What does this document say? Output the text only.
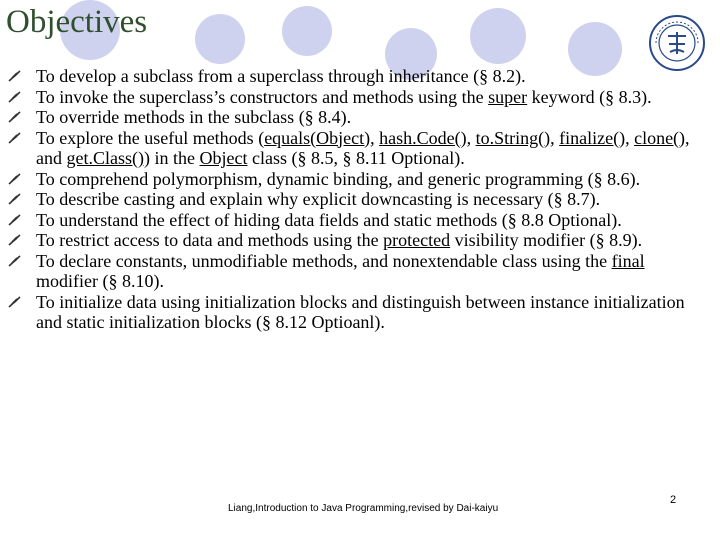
Objectives
To develop a subclass from a superclass through inheritance (§ 8.2).
To invoke the superclass’s constructors and methods using the super keyword (§ 8.3).
To override methods in the subclass (§ 8.4).
To explore the useful methods (equals(Object), hash.Code(), to.String(), finalize(), clone(), and get.Class()) in the Object class (§ 8.5, § 8.11 Optional).
To comprehend polymorphism, dynamic binding, and generic programming (§ 8.6).
To describe casting and explain why explicit downcasting is necessary (§ 8.7).
To understand the effect of hiding data fields and static methods (§ 8.8 Optional).
To restrict access to data and methods using the protected visibility modifier (§ 8.9).
To declare constants, unmodifiable methods, and nonextendable class using the final modifier (§ 8.10).
To initialize data using initialization blocks and distinguish between instance initialization and static initialization blocks (§ 8.12 Optioanl).
Liang,Introduction to Java Programming,revised by Dai-kaiyu
2
